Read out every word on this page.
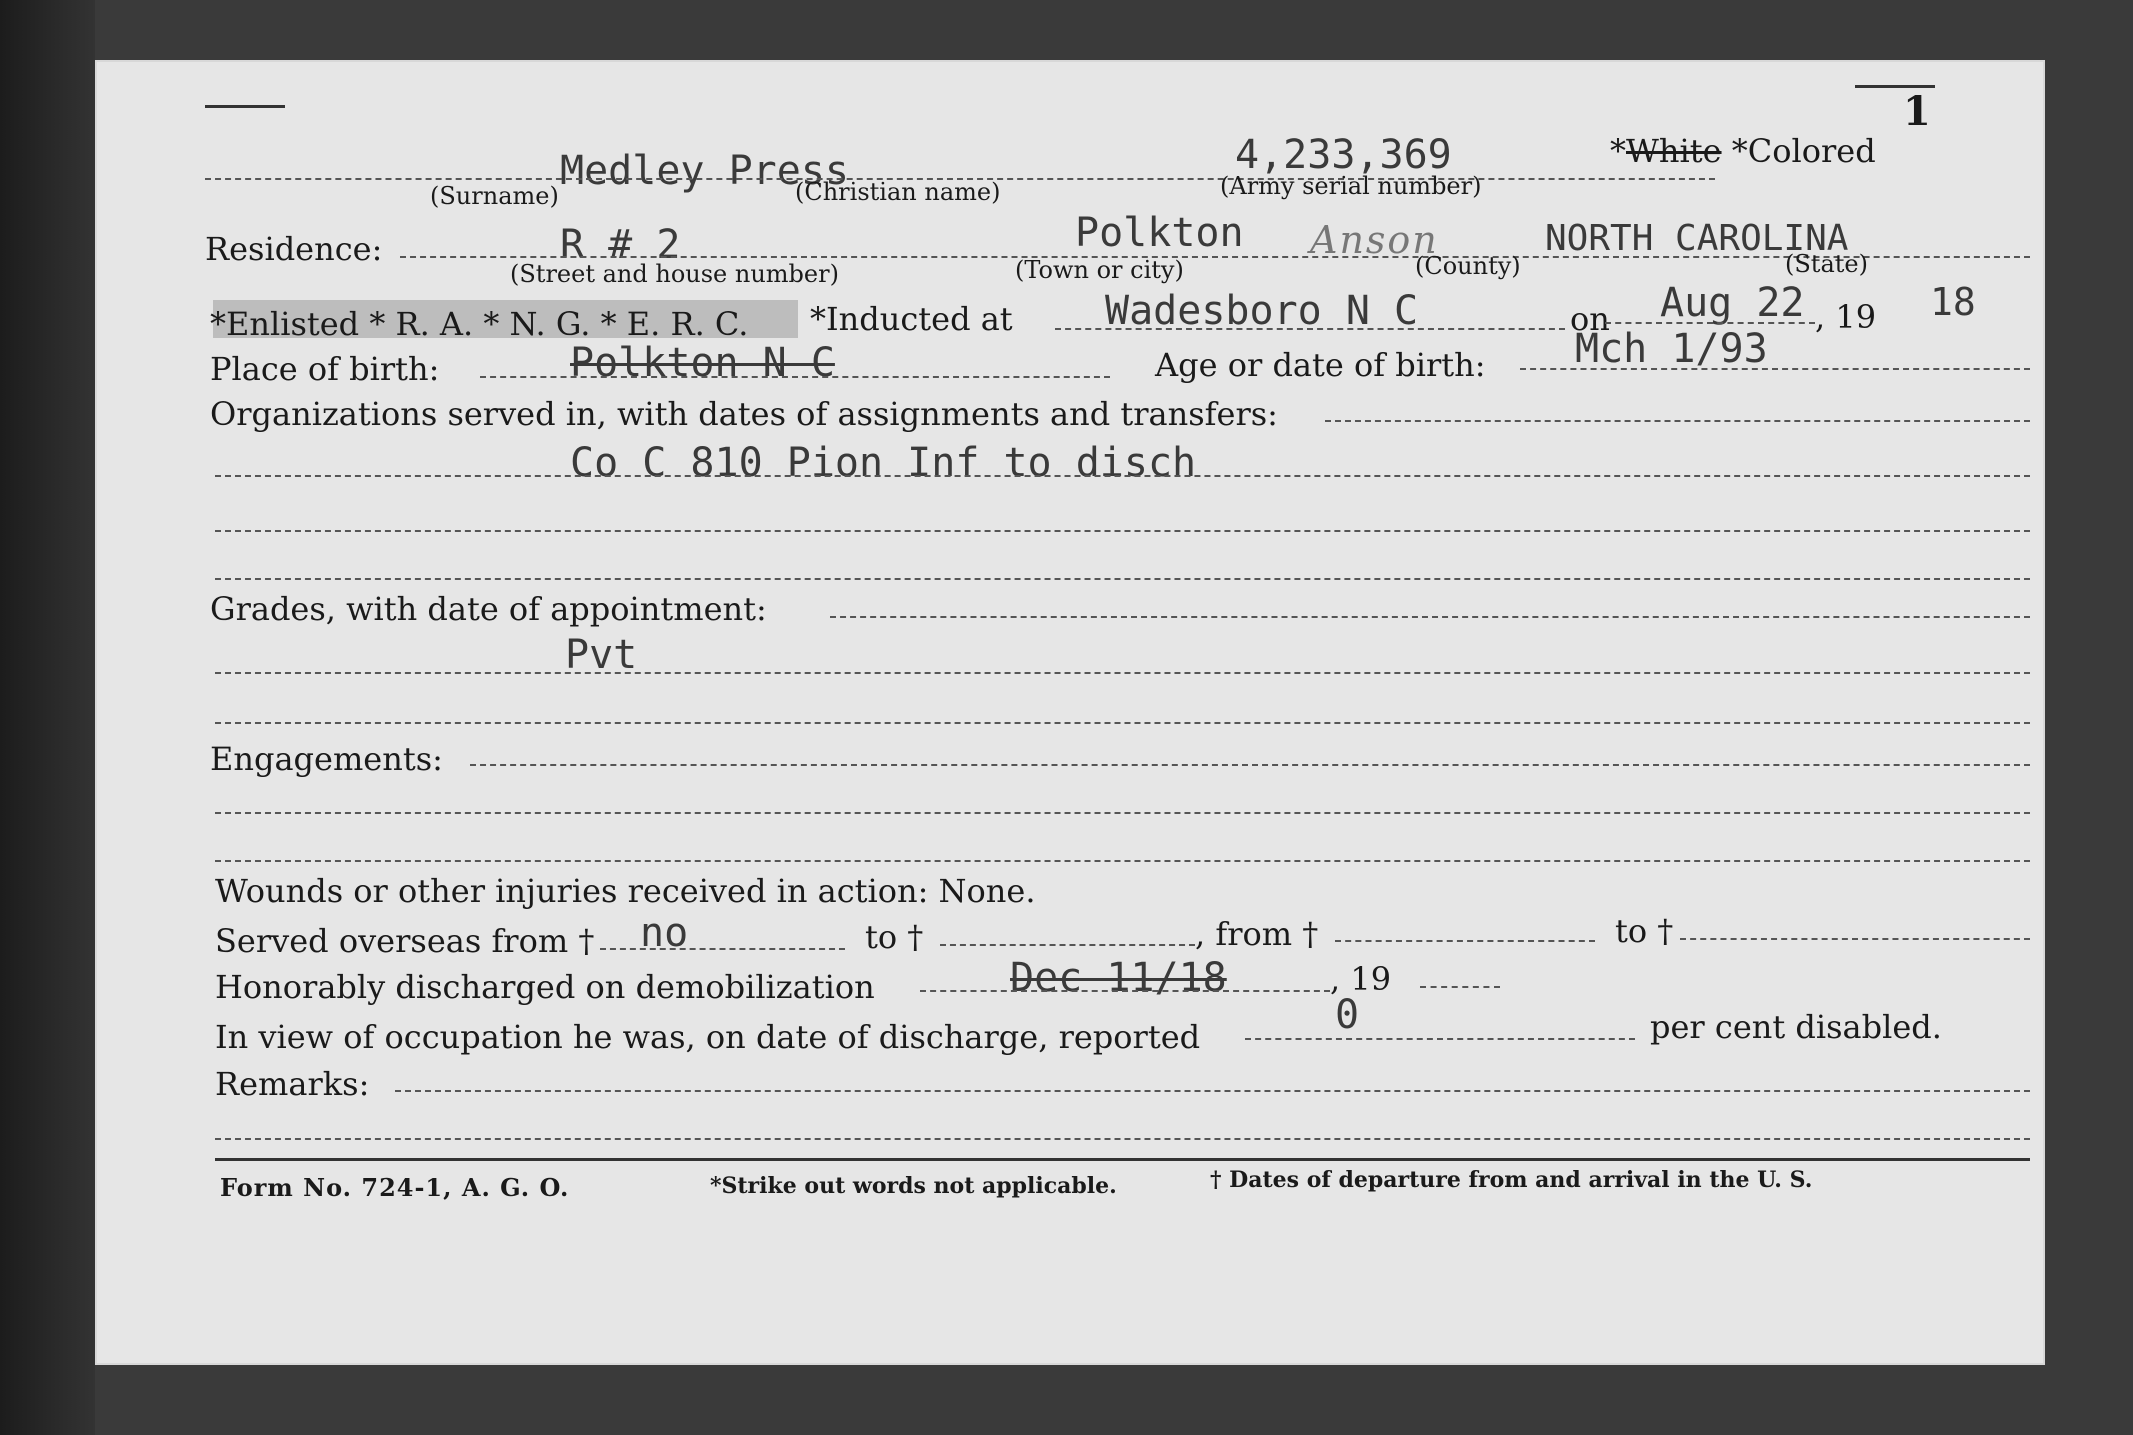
1
Medley Press	4,233,369	*White *Colored
(Surname)	(Christian name)	(Army serial number)
Residence:	R # 2	Polkton Anson	NORTH CAROLINA
(Street and house number)	(Town or city)	(County)	(State)
*Enlisted * R. A. * N. G. * E. R. C. *Inducted at Wadesboro N C	on Aug 22 , 19 18
Place of birth:	Polkton N C	Age or date of birth: Mch 1/93
Organizations served in, with dates of assignments and transfers:
Co C 810 Pion Inf to disch
Grades, with date of appointment:
Pvt
Engagements:
Wounds or other injuries received in action: None.
Served overseas from † no	to †	, from †	to †
Honorably discharged on demobilization	Dec 11/18	, 19
In view of occupation he was, on date of discharge, reported	0	per cent disabled.
Remarks:
Form No. 724-1, A. G. O.	*Strike out words not applicable.	† Dates of departure from and arrival in the U. S.
